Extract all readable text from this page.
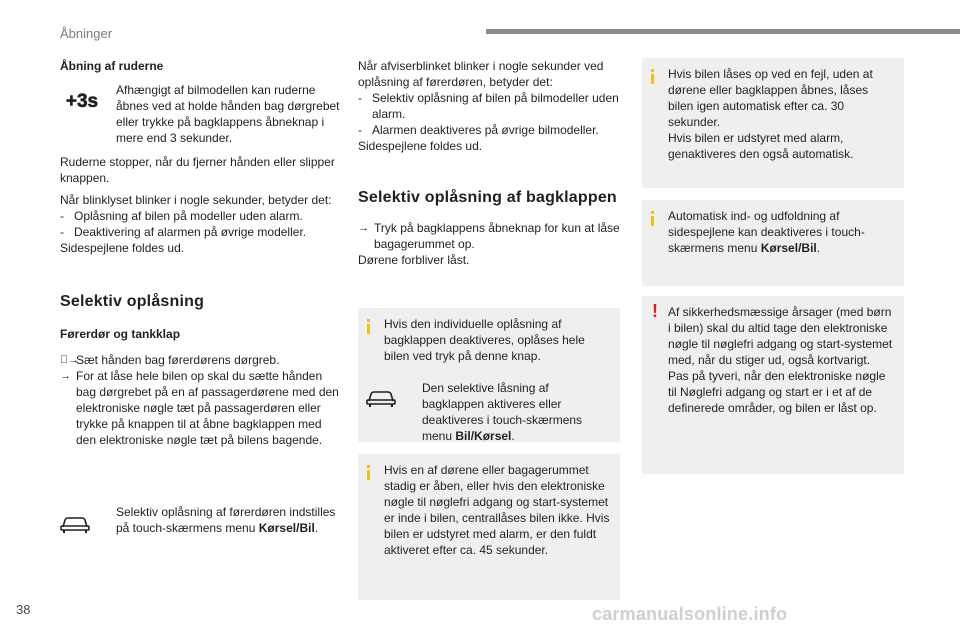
Åbninger

Åbning af ruderne

+3s

Afhængigt af bilmodellen kan ruderne åbnes ved at holde hånden bag dørgrebet eller trykke på bagklappens åbneknap i mere end 3 sekunder.

Ruderne stopper, når du fjerner hånden eller slipper knappen.

Når blinklyset blinker i nogle sekunder, betyder det:

- Oplåsning af bilen på modeller uden alarm.
- Deaktivering af alarmen på øvrige modeller.

Sidespejlene foldes ud.

Selektiv oplåsning

Førerdør og tankklap

→ Sæt hånden bag førerdørens dørgreb.
→ For at låse hele bilen op skal du sætte hånden bag dørgrebet på en af passagerdørene med den elektroniske nøgle tæt på passagerdøren eller trykke på knappen til at åbne bagklappen med den elektroniske nøgle tæt på bilens bagende.

Selektiv oplåsning af førerdøren indstilles på touch-skærmens menu Kørsel/Bil.

Når afviserblinket blinker i nogle sekunder ved oplåsning af førerdøren, betyder det:

- Selektiv oplåsning af bilen på bilmodeller uden alarm.
- Alarmen deaktiveres på øvrige bilmodeller.

Sidespejlene foldes ud.

Selektiv oplåsning af bagklappen

→ Tryk på bagklappens åbneknap for kun at låse bagagerummet op.

Dørene forbliver låst.

Hvis den individuelle oplåsning af bagklappen deaktiveres, oplåses hele bilen ved tryk på denne knap.

Den selektive låsning af bagklappen aktiveres eller deaktiveres i touch-skærmens menu Bil/Kørsel.

Hvis en af dørene eller bagagerummet stadig er åben, eller hvis den elektroniske nøgle til nøglefri adgang og start-systemet er inde i bilen, centrallåses bilen ikke. Hvis bilen er udstyret med alarm, er den fuldt aktiveret efter ca. 45 sekunder.

Hvis bilen låses op ved en fejl, uden at dørene eller bagklappen åbnes, låses bilen igen automatisk efter ca. 30 sekunder.

Hvis bilen er udstyret med alarm, genaktiveres den også automatisk.

Automatisk ind- og udfoldning af sidespejlene kan deaktiveres i touch-skærmens menu Kørsel/Bil.

! Af sikkerhedsmæssige årsager (med børn i bilen) skal du altid tage den elektroniske nøgle til nøglefri adgang og start-systemet med, når du stiger ud, også kortvarigt.

Pas på tyveri, når den elektroniske nøgle til Nøglefri adgang og start er i et af de definerede områder, og bilen er låst op.

38	carmanualsonline.info
